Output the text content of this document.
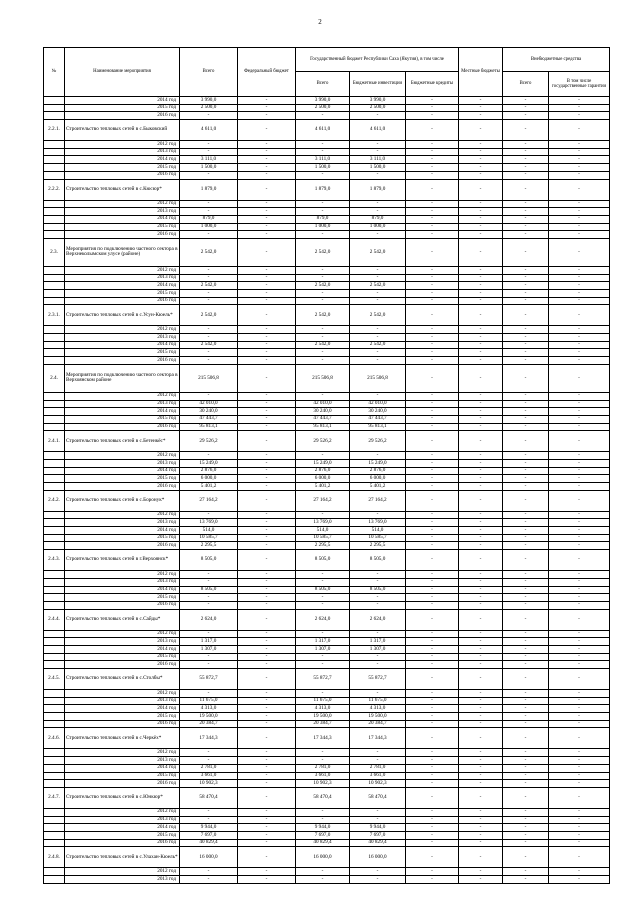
2
№	Наименование мероприятия	Всего	Федеральный бюджет	Государственный бюджет Республики Саха (Якутия), в том числе			Местные бюджеты	Внебюджетные средства	
				Всего	Бюджетные инвестиции	Бюджетные кредиты		Всего	В том числе государственные гарантии
	2014 год	3 990,0	-	3 990,0	3 990,0	-	-	-	-
	2015 год	2 500,0	-	2 500,0	2 500,0	-	-	-	-
	2016 год	-	-	-	-	-	-	-	-
2.2.1.	Строительство тепловых сетей в с.Быковский	4 611,0	-	4 611,0	4 611,0	-	-	-	-
	2012 год	-	-	-	-	-	-	-	-
	2013 год	-	-	-	-	-	-	-	-
	2014 год	3 111,0	-	3 111,0	3 111,0	-	-	-	-
	2015 год	1 500,0	-	1 500,0	1 500,0	-	-	-	-
	2016 год	-	-	-	-	-	-	-	-
2.2.2.	Строительство тепловых сетей в с.Кюсюр*	1 879,0	-	1 879,0	1 879,0	-	-	-	-
	2012 год	-	-	-	-	-	-	-	-
	2013 год	-	-	-	-	-	-	-	-
	2014 год	879,0	-	879,0	879,0	-	-	-	-
	2015 год	1 000,0	-	1 000,0	1 000,0	-	-	-	-
	2016 год	-	-	-	-	-	-	-	-
2.3.	Мероприятия по подключению частного сектора в Верхнеколымском улусе (районе)	2 542,0	-	2 542,0	2 542,0	-	-	-	-
	2012 год	-	-	-	-	-	-	-	-
	2013 год	-	-	-	-	-	-	-	-
	2014 год	2 542,0	-	2 542,0	2 542,0	-	-	-	-
	2015 год	-	-	-	-	-	-	-	-
	2016 год	-	-	-	-	-	-	-	-
2.3.1.	Строительство тепловых сетей в с.Усун-Кюель*	2 542,0	-	2 542,0	2 542,0	-	-	-	-
	2012 год	-	-	-	-	-	-	-	-
	2013 год	-	-	-	-	-	-	-	-
	2014 год	2 542,0	-	2 542,0	2 542,0	-	-	-	-
	2015 год	-	-	-	-	-	-	-	-
	2016 год	-	-	-	-	-	-	-	-
2.4.	Мероприятия по подключению частного сектора в Верхоянском районе	215 506,8	-	215 506,8	215 506,8	-	-	-	-
	2012 год	-	-	-	-	-	-	-	-
	2013 год	42 010,0	-	42 010,0	42 010,0	-	-	-	-
	2014 год	30 240,0	-	30 240,0	30 240,0	-	-	-	-
	2015 год	47 443,7	-	47 443,7	47 443,7	-	-	-	-
	2016 год	95 813,1	-	95 813,1	95 813,1	-	-	-	-
2.4.1.	Строительство тепловых сетей в с.Бетенкёс*	29 526,2	-	29 526,2	29 526,2	-	-	-	-
	2012 год	-	-	-	-	-	-	-	-
	2013 год	15 249,0	-	15 249,0	15 249,0	-	-	-	-
	2014 год	2 876,0	-	2 876,0	2 876,0	-	-	-	-
	2015 год	6 000,0	-	6 000,0	6 000,0	-	-	-	-
	2016 год	5 401,2	-	5 401,2	5 401,2	-	-	-	-
2.4.2.	Строительство тепловых сетей в с.Боронук*	27 164,2	-	27 164,2	27 164,2	-	-	-	-
	2012 год	-	-	-	-	-	-	-	-
	2013 год	13 769,0	-	13 769,0	13 769,0	-	-	-	-
	2014 год	514,0	-	514,0	514,0	-	-	-	-
	2015 год	10 585,7	-	10 585,7	10 585,7	-	-	-	-
	2016 год	2 295,5	-	2 295,5	2 295,5	-	-	-	-
2.4.3.	Строительство тепловых сетей в г.Верхоянск*	8 505,0	-	8 505,0	8 505,0	-	-	-	-
	2012 год	-	-	-	-	-	-	-	-
	2013 год	-	-	-	-	-	-	-	-
	2014 год	8 505,0	-	8 505,0	8 505,0	-	-	-	-
	2015 год	-	-	-	-	-	-	-	-
	2016 год	-	-	-	-	-	-	-	-
2.4.4.	Строительство тепловых сетей в с.Сайды*	2 624,0	-	2 624,0	2 624,0	-	-	-	-
	2012 год	-	-	-	-	-	-	-	-
	2013 год	1 317,0	-	1 317,0	1 317,0	-	-	-	-
	2014 год	1 307,0	-	1 307,0	1 307,0	-	-	-	-
	2015 год	-	-	-	-	-	-	-	-
	2016 год	-	-	-	-	-	-	-	-
2.4.5.	Строительство тепловых сетей в с.Столбы*	55 872,7	-	55 872,7	55 872,7	-	-	-	-
	2012 год	-	-	-	-	-	-	-	-
	2013 год	11 675,0	-	11 675,0	11 675,0	-	-	-	-
	2014 год	4 313,0	-	4 313,0	4 313,0	-	-	-	-
	2015 год	19 500,0	-	19 500,0	19 500,0	-	-	-	-
	2016 год	20 384,7	-	20 384,7	20 384,7	-	-	-	-
2.4.6.	Строительство тепловых сетей в с.Черкёх*	17 344,3	-	17 344,3	17 344,3	-	-	-	-
	2012 год	-	-	-	-	-	-	-	-
	2013 год	-	-	-	-	-	-	-	-
	2014 год	2 781,0	-	2 781,0	2 781,0	-	-	-	-
	2015 год	3 661,0	-	3 661,0	3 661,0	-	-	-	-
	2016 год	10 902,3	-	10 902,3	10 902,3	-	-	-	-
2.4.7.	Строительство тепловых сетей в с.Юнкюр*	58 470,4	-	58 470,4	58 470,4	-	-	-	-
	2012 год	-	-	-	-	-	-	-	-
	2013 год	-	-	-	-	-	-	-	-
	2014 год	9 944,0	-	9 944,0	9 944,0	-	-	-	-
	2015 год	7 697,0	-	7 697,0	7 697,0	-	-	-	-
	2016 год	40 829,4	-	40 829,4	40 829,4	-	-	-	-
2.4.8.	Строительство тепловых сетей в с.Улахан-Кюель*	16 000,0	-	16 000,0	16 000,0	-	-	-	-
	2012 год	-	-	-	-	-	-	-	-
	2013 год	-	-	-	-	-	-	-	-
